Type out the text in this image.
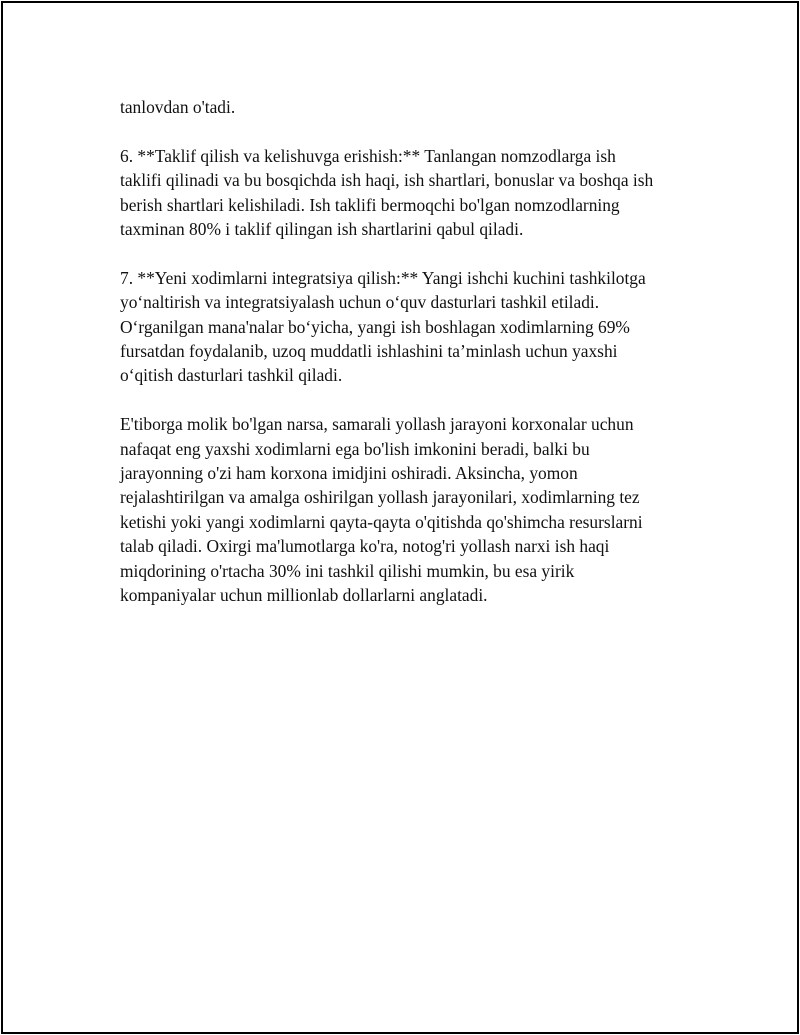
tanlovdan o'tadi.

6. **Taklif qilish va kelishuvga erishish:** Tanlangan nomzodlarga ish
taklifi qilinadi va bu bosqichda ish haqi, ish shartlari, bonuslar va boshqa ish
berish shartlari kelishiladi. Ish taklifi bermoqchi bo'lgan nomzodlarning
taxminan 80% i taklif qilingan ish shartlarini qabul qiladi.

7. **Yeni xodimlarni integratsiya qilish:** Yangi ishchi kuchini tashkilotga
yo‘naltirish va integratsiyalash uchun o‘quv dasturlari tashkil etiladi.
O‘rganilgan mana'nalar bo‘yicha, yangi ish boshlagan xodimlarning 69%
fursatdan foydalanib, uzoq muddatli ishlashini ta’minlash uchun yaxshi
o‘qitish dasturlari tashkil qiladi.

E'tiborga molik bo'lgan narsa, samarali yollash jarayoni korxonalar uchun
nafaqat eng yaxshi xodimlarni ega bo'lish imkonini beradi, balki bu
jarayonning o'zi ham korxona imidjini oshiradi. Aksincha, yomon
rejalashtirilgan va amalga oshirilgan yollash jarayonilari, xodimlarning tez
ketishi yoki yangi xodimlarni qayta-qayta o'qitishda qo'shimcha resurslarni
talab qiladi. Oxirgi ma'lumotlarga ko'ra, notog'ri yollash narxi ish haqi
miqdorining o'rtacha 30% ini tashkil qilishi mumkin, bu esa yirik
kompaniyalar uchun millionlab dollarlarni anglatadi.
